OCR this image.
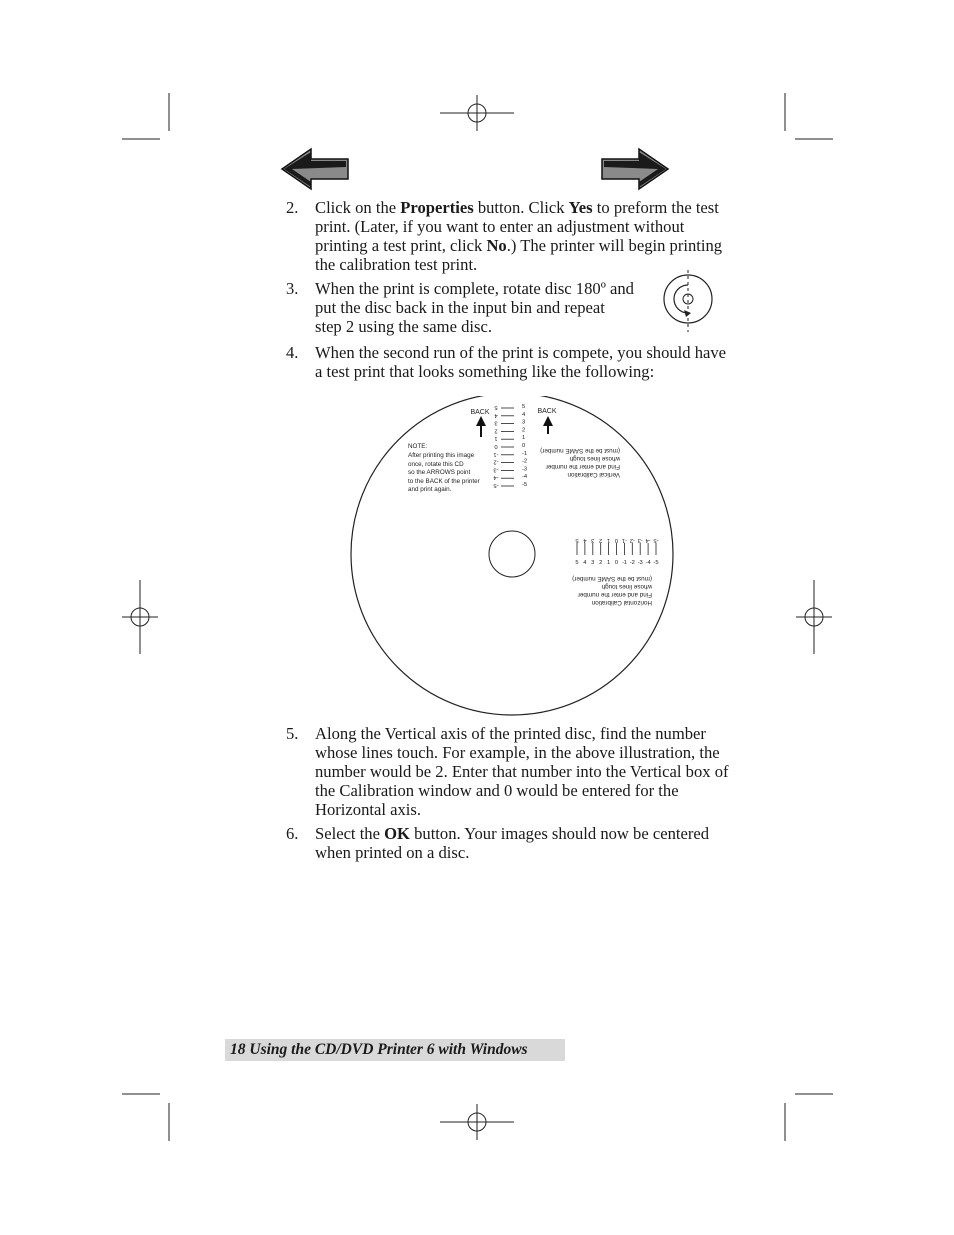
2. Click on the Properties button. Click Yes to preform the test print. (Later, if you want to enter an adjustment without printing a test print, click No.) The printer will begin printing the calibration test print.
3. When the print is complete, rotate disc 180º and put the disc back in the input bin and repeat step 2 using the same disc.
4. When the second run of the print is compete, you should have a test print that looks something like the following:
BACK	BACK
NOTE:
After printing this image
once, rotate this CD
so the ARROWS point
to the BACK of the printer
and print again.
5	5
4	4
3	3
2	2
1	1
0	0
-1	-1
-2	-2
-3	-3
-4	-4
-5	-5
Vertical Calibration
Find and enter the number
whose lines tough
(must be the SAME number)
5
5
4
4
3
3
2
2
1
1
0
0
-1
-1
-2
-2
-3
-3
-4
-4
-5
-5
Horizontal Calibration
Find and enter the number
whose lines tough
(must be the SAME number)
5. Along the Vertical axis of the printed disc, find the number whose lines touch. For example, in the above illustration, the number would be 2. Enter that number into the Vertical box of the Calibration window and 0 would be entered for the Horizontal axis.
6. Select the OK button. Your images should now be centered when printed on a disc.
18 Using the CD/DVD Printer 6 with Windows
